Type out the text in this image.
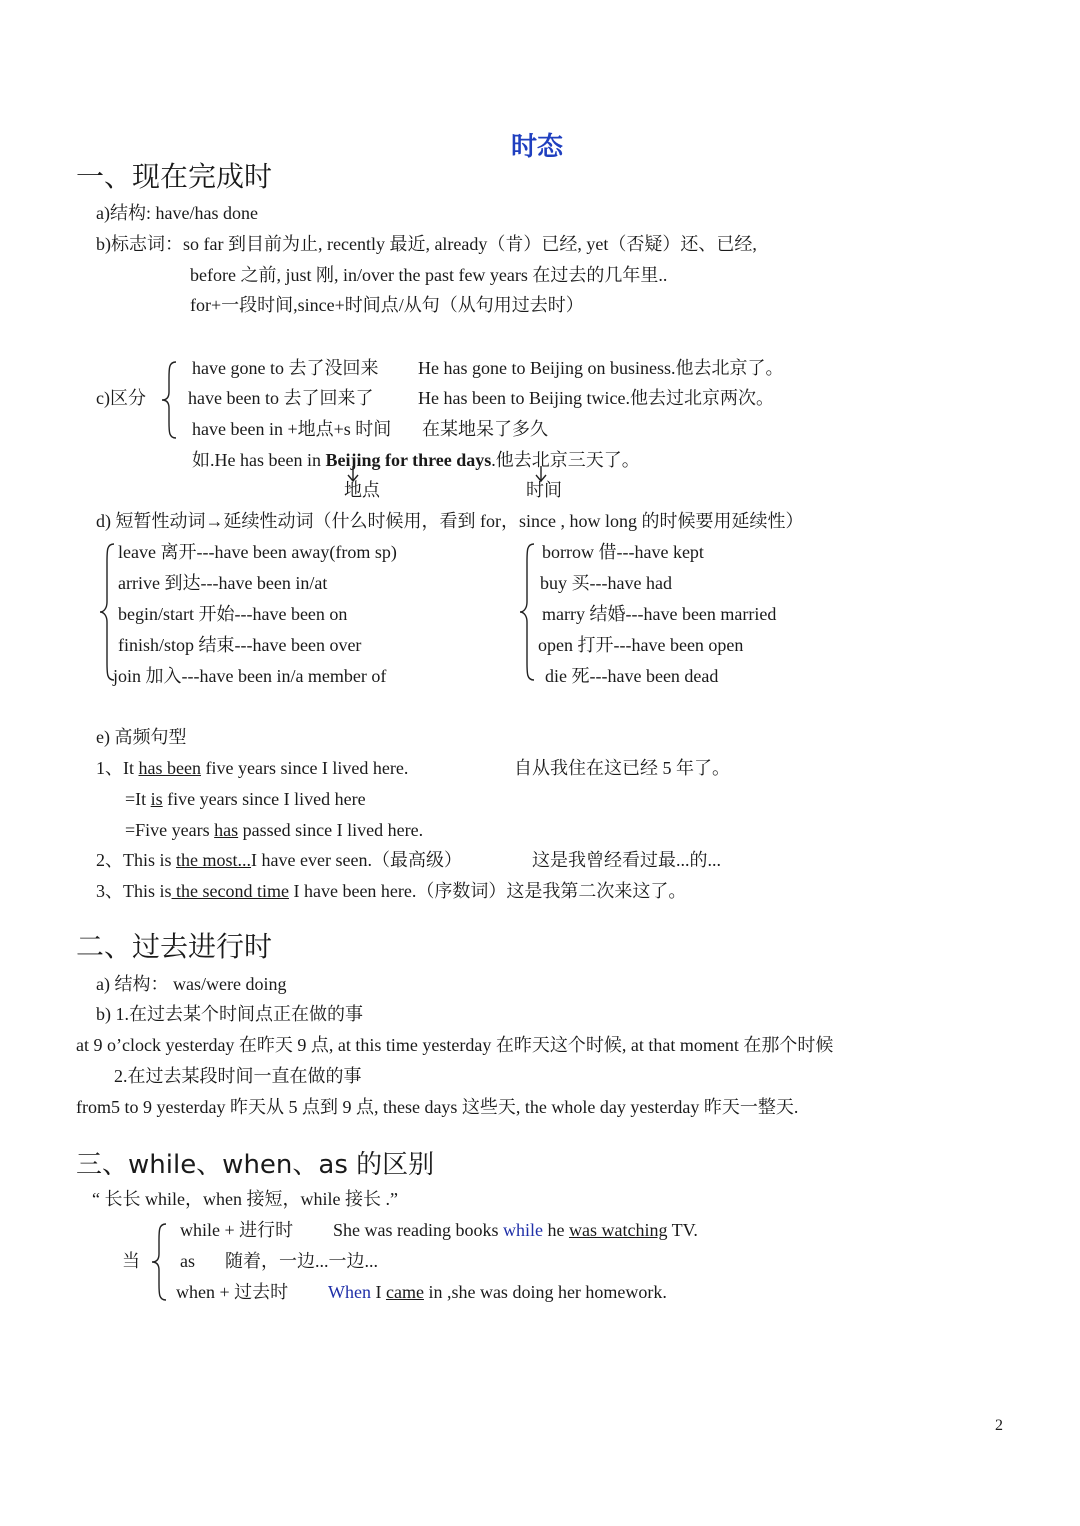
时态
一、现在完成时
a)结构: have/has done
b)标志词：so far 到目前为止, recently 最近, already（肯）已经, yet（否疑）还、已经,
before 之前, just 刚, in/over the past few years 在过去的几年里..
for+一段时间,since+时间点/从句（从句用过去时）
c)区分
have gone to 去了没回来 He has gone to Beijing on business.他去北京了。
have been to 去了回来了 He has been to Beijing twice.他去过北京两次。
have been in +地点+s 时间 在某地呆了多久
如.He has been in Beijing for three days.他去北京三天了。
地点	时间
d) 短暂性动词→延续性动词（什么时候用，看到 for，since , how long 的时候要用延续性）
leave 离开---have been away(from sp)
arrive 到达---have been in/at
begin/start 开始---have been on
finish/stop 结束---have been over
join 加入---have been in/a member of
borrow 借---have kept
buy 买---have had
marry 结婚---have been married
open 打开---have been open
die 死---have been dead
e) 高频句型
1、It has been five years since I lived here.	自从我住在这已经 5 年了。
=It is five years since I lived here
=Five years has passed since I lived here.
2、This is the most...I have ever seen.（最高级）	这是我曾经看过最...的...
3、This is the second time I have been here.（序数词）这是我第二次来这了。
二、过去进行时
a) 结构： was/were doing
b) 1.在过去某个时间点正在做的事
at 9 o’clock yesterday 在昨天 9 点, at this time yesterday 在昨天这个时候, at that moment 在那个时候
2.在过去某段时间一直在做的事
from5 to 9 yesterday 昨天从 5 点到 9 点, these days 这些天, the whole day yesterday 昨天一整天.
三、while、when、as 的区别
“ 长长 while，when 接短，while 接长 .”
当
while + 进行时 She was reading books while he was watching TV.
as 随着，一边...一边...
when + 过去时 When I came in ,she was doing her homework.
2
